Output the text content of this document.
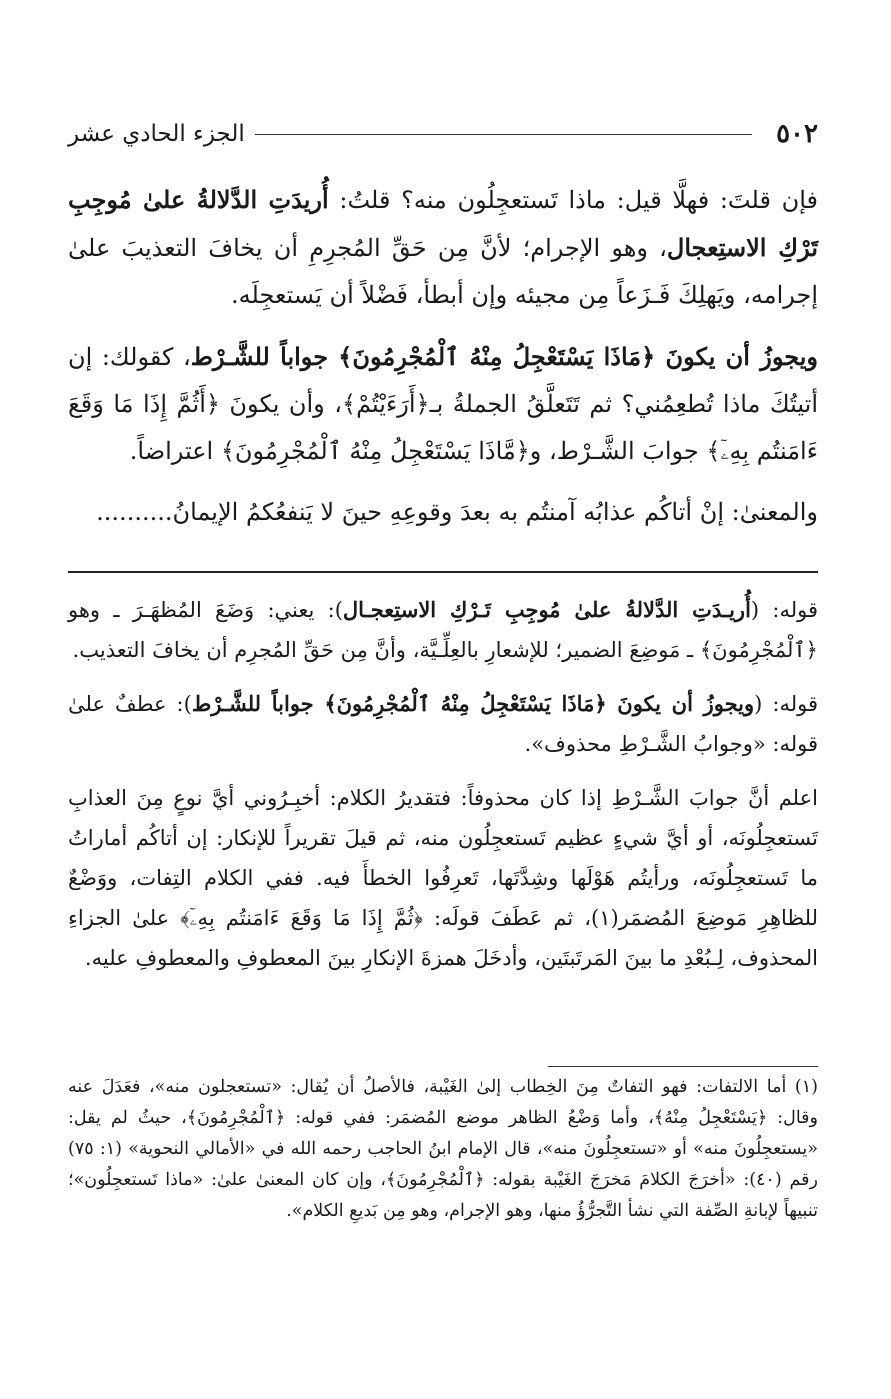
٥٠٢
الجزء الحادي عشر

فإن قلتَ: فهلَّا قيل: ماذا تَستعجِلُون منه؟ قلتُ: أُريدَتِ الدَّلالةُ علىٰ مُوجِبِ تَرْكِ الاستِعجال، وهو الإجرام؛ لأنَّ مِن حَقِّ المُجرِمِ أن يخافَ التعذيبَ علىٰ إجرامه، ويَهلِكَ فَـزَعاً مِن مجيئه وإن أبطأ، فَضْلاً أن يَستعجِلَه.

ويجوزُ أن يكونَ ﴿مَاذَا يَسْتَعْجِلُ مِنْهُ ٱلْمُجْرِمُونَ﴾ جواباً للشَّـرْط، كقولك: إن أتيتُكَ ماذا تُطعِمُني؟ ثم تَتَعلَّقُ الجملةُ بـ﴿أَرَءَيْتُمْ﴾، وأن يكونَ ﴿أَثُمَّ إِذَا مَا وَقَعَ ءَامَنتُم بِهِۦٓ﴾ جوابَ الشَّـرْط، و﴿مَّاذَا يَسْتَعْجِلُ مِنْهُ ٱلْمُجْرِمُونَ﴾ اعتراضاً.

والمعنىٰ: إنْ أتاكُم عذابُه آمنتُم به بعدَ وقوعِهِ حينَ لا يَنفعُكمُ الإيمانُ..........

قوله: (أُريـدَتِ الدَّلالةُ علىٰ مُوجِبِ تَـرْكِ الاستِعجـال): يعني: وَضَعَ المُظهَـرَ ـ وهو ﴿ٱلْمُجْرِمُونَ﴾ ـ مَوضِعَ الضمير؛ للإشعارِ بالعِلِّـيَّة، وأنَّ مِن حَقِّ المُجرِم أن يخافَ التعذيب.

قوله: (ويجوزُ أن يكونَ ﴿مَاذَا يَسْتَعْجِلُ مِنْهُ ٱلْمُجْرِمُونَ﴾ جواباً للشَّـرْط): عطفٌ علىٰ قوله: «وجوابُ الشَّـرْطِ محذوف».

اعلم أنَّ جوابَ الشَّـرْطِ إذا كان محذوفاً: فتقديرُ الكلام: أخبِـرُوني أيَّ نوعٍ مِنَ العذابِ تَستعجِلُونَه، أو أيَّ شيءٍ عظيم تَستعجِلُون منه، ثم قيلَ تقريراً للإنكار: إن أتاكُم أماراتُ ما تَستعجِلُونَه، ورأيتُم هَوْلَها وشِدَّتَها، تَعرِفُوا الخطأَ فيه. ففي الكلام التِفات، ووَضْعٌ للظاهِرِ مَوضِعَ المُضمَر(١)، ثم عَطَفَ قولَه: ﴿ثُمَّ إِذَا مَا وَقَعَ ءَامَنتُم بِهِۦٓ﴾ علىٰ الجزاءِ المحذوف، لِـبُعْدِ ما بينَ المَرتَبتَين، وأدخَلَ همزةَ الإنكارِ بينَ المعطوفِ والمعطوفِ عليه.

(١) أما الالتفات: فهو التفاتٌ مِنَ الخِطاب إلىٰ الغَيْبة، فالأصلُ أن يُقال: «تستعجلون منه»، فعَدَلَ عنه وقال: ﴿يَسْتَعْجِلُ مِنْهُ﴾، وأما وَضْعُ الظاهر موضع المُضمَر: ففي قوله: ﴿ٱلْمُجْرِمُونَ﴾، حيثُ لم يقل: «يستعجِلُونَ منه» أو «تستعجِلُونَ منه»، قال الإمام ابنُ الحاجب رحمه الله في «الأمالي النحوية» (١: ٧٥) رقم (٤٠): «أخرَجَ الكلامَ مَخرَجَ الغَيْبة بقوله: ﴿ٱلْمُجْرِمُونَ﴾، وإن كان المعنىٰ علىٰ: «ماذا تَستعجِلُون»؛ تنبيهاً لإبانةِ الصِّفة التي نشأ التَّجرُّؤُ منها، وهو الإجرام، وهو مِن بَديعِ الكلام».
